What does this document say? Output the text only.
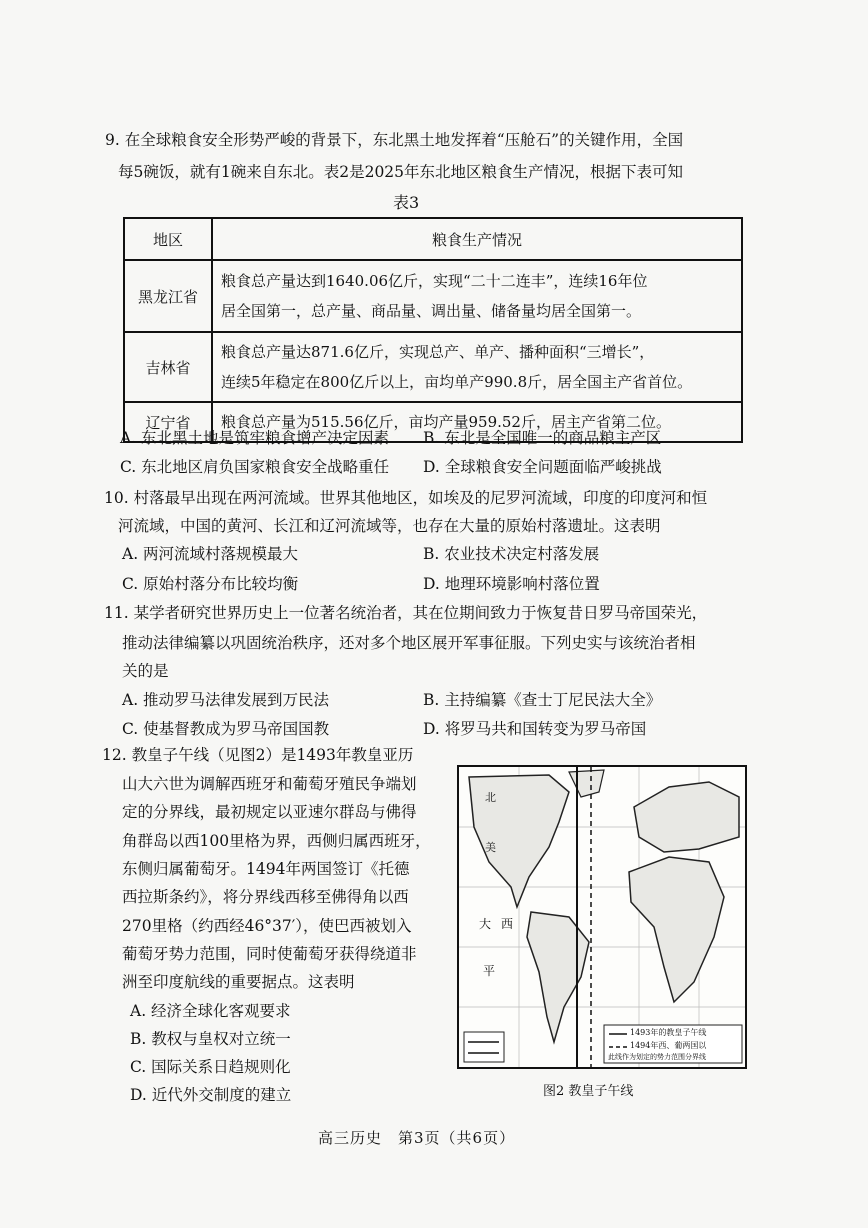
9. 在全球粮食安全形势严峻的背景下，东北黑土地发挥着“压舱石”的关键作用，全国
每5碗饭，就有1碗来自东北。表2是2025年东北地区粮食生产情况，根据下表可知
表3
地区	粮食生产情况
黑龙江省	粮食总产量达到1640.06亿斤，实现“二十二连丰”，连续16年位
居全国第一，总产量、商品量、调出量、储备量均居全国第一。

吉林省	粮食总产量达871.6亿斤，实现总产、单产、播种面积“三增长”，
连续5年稳定在800亿斤以上，亩均单产990.8斤，居全国主产省首位。

辽宁省	粮食总产量为515.56亿斤，亩均产量959.52斤，居主产省第二位。
A. 东北黑土地是筑牢粮食增产决定因素 B. 东北是全国唯一的商品粮主产区
C. 东北地区肩负国家粮食安全战略重任 D. 全球粮食安全问题面临严峻挑战
10. 村落最早出现在两河流域。世界其他地区，如埃及的尼罗河流域，印度的印度河和恒
河流域，中国的黄河、长江和辽河流域等，也存在大量的原始村落遗址。这表明
A. 两河流域村落规模最大	B. 农业技术决定村落发展
C. 原始村落分布比较均衡	D. 地理环境影响村落位置
11. 某学者研究世界历史上一位著名统治者，其在位期间致力于恢复昔日罗马帝国荣光，
推动法律编纂以巩固统治秩序，还对多个地区展开军事征服。下列史实与该统治者相
关的是
A. 推动罗马法律发展到万民法	B. 主持编纂《查士丁尼民法大全》
C. 使基督教成为罗马帝国国教	D. 将罗马共和国转变为罗马帝国
12. 教皇子午线（见图2）是1493年教皇亚历
山大六世为调解西班牙和葡萄牙殖民争端划
定的分界线，最初规定以亚速尔群岛与佛得
角群岛以西100里格为界，西侧归属西班牙，
东侧归属葡萄牙。1494年两国签订《托德
西拉斯条约》，将分界线西移至佛得角以西
270里格（约西经46°37′），使巴西被划入
葡萄牙势力范围，同时使葡萄牙获得绕道非
洲至印度航线的重要据点。这表明
A. 经济全球化客观要求
B. 教权与皇权对立统一
C. 国际关系日趋规则化
D. 近代外交制度的建立
北
美
大 西
平
1493年的教皇子午线
1494年西、葡两国以
此线作为划定的势力范围分界线
图2 教皇子午线
高三历史　第3页（共6页）
